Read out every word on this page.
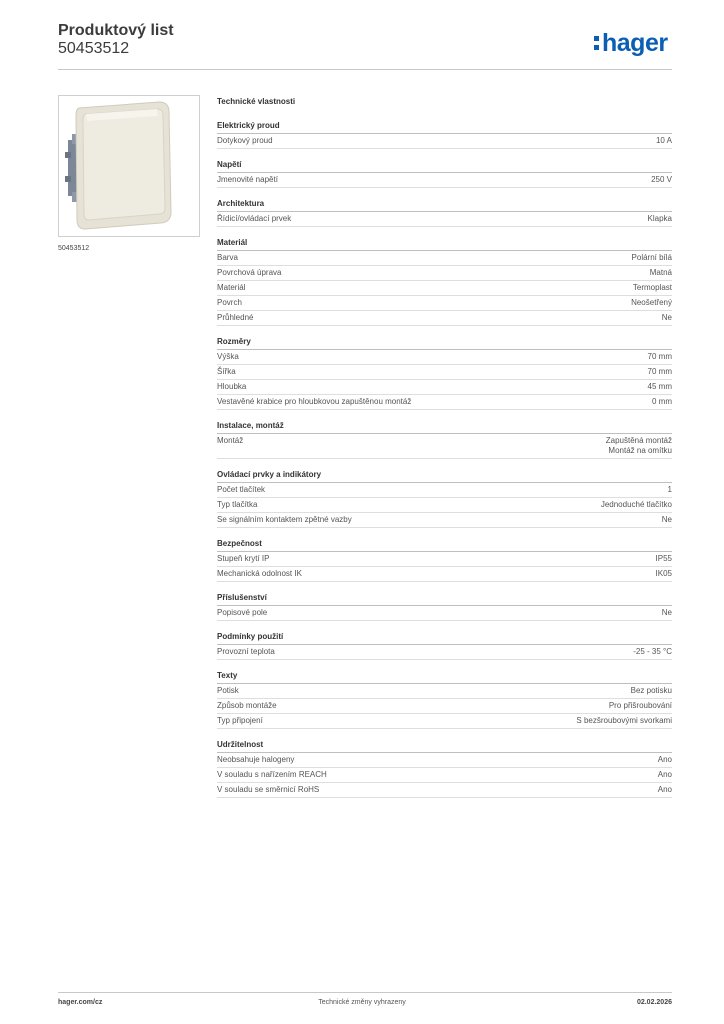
Produktový list
50453512	hager
50453512
Technické vlastnosti
Elektrický proud
Dotykový proud	10 A
Napětí
Jmenovité napětí	250 V
Architektura
Řídicí/ovládací prvek	Klapka
Materiál
Barva	Polární bílá
Povrchová úprava	Matná
Materiál	Termoplast
Povrch	Neošetřený
Průhledné	Ne
Rozměry
Výška	70 mm
Šířka	70 mm
Hloubka	45 mm
Vestavěné krabice pro hloubkovou zapuštěnou montáž	0 mm
Instalace, montáž
Montáž	Zapuštěná montáž
Montáž na omítku
Ovládací prvky a indikátory
Počet tlačítek	1
Typ tlačítka	Jednoduché tlačítko
Se signálním kontaktem zpětné vazby	Ne
Bezpečnost
Stupeň krytí IP	IP55
Mechanická odolnost IK	IK05
Příslušenství
Popisové pole	Ne
Podmínky použití
Provozní teplota	-25 - 35 °C
Texty
Potisk	Bez potisku
Způsob montáže	Pro přišroubování
Typ připojení	S bezšroubovými svorkami
Udržitelnost
Neobsahuje halogeny	Ano
V souladu s nařízením REACH	Ano
V souladu se směrnicí RoHS	Ano
hager.com/cz	Technické změny vyhrazeny	02.02.2026
